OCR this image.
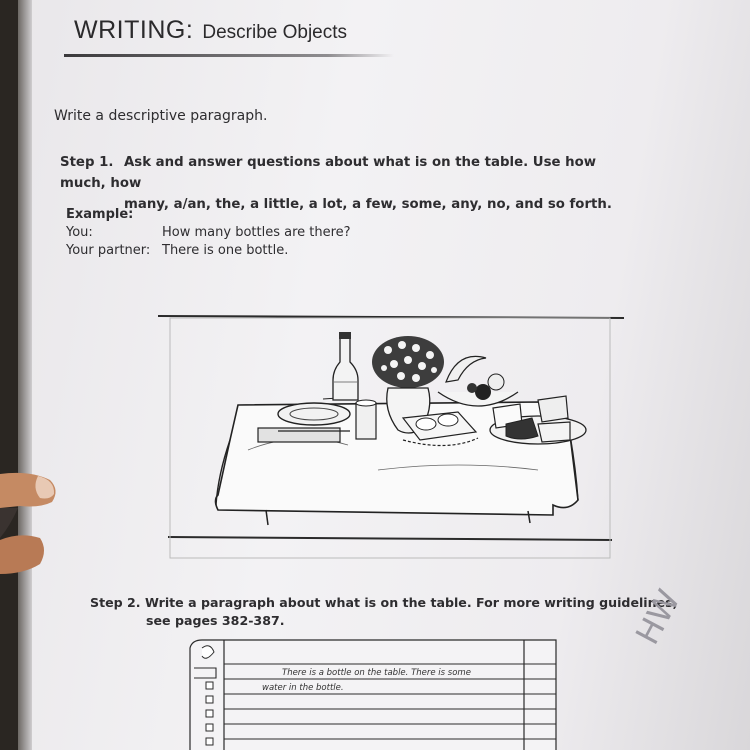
WRITING: Describe Objects
Write a descriptive paragraph.
Step 1. Ask and answer questions about what is on the table. Use how much, how
many, a/an, the, a little, a lot, a few, some, any, no, and so forth.
Example:
You:	How many bottles are there?
Your partner: There is one bottle.
Step 2. Write a paragraph about what is on the table. For more writing guidelines,
see pages 382-387.
There is a bottle on the table. There is some
water in the bottle.
HW
